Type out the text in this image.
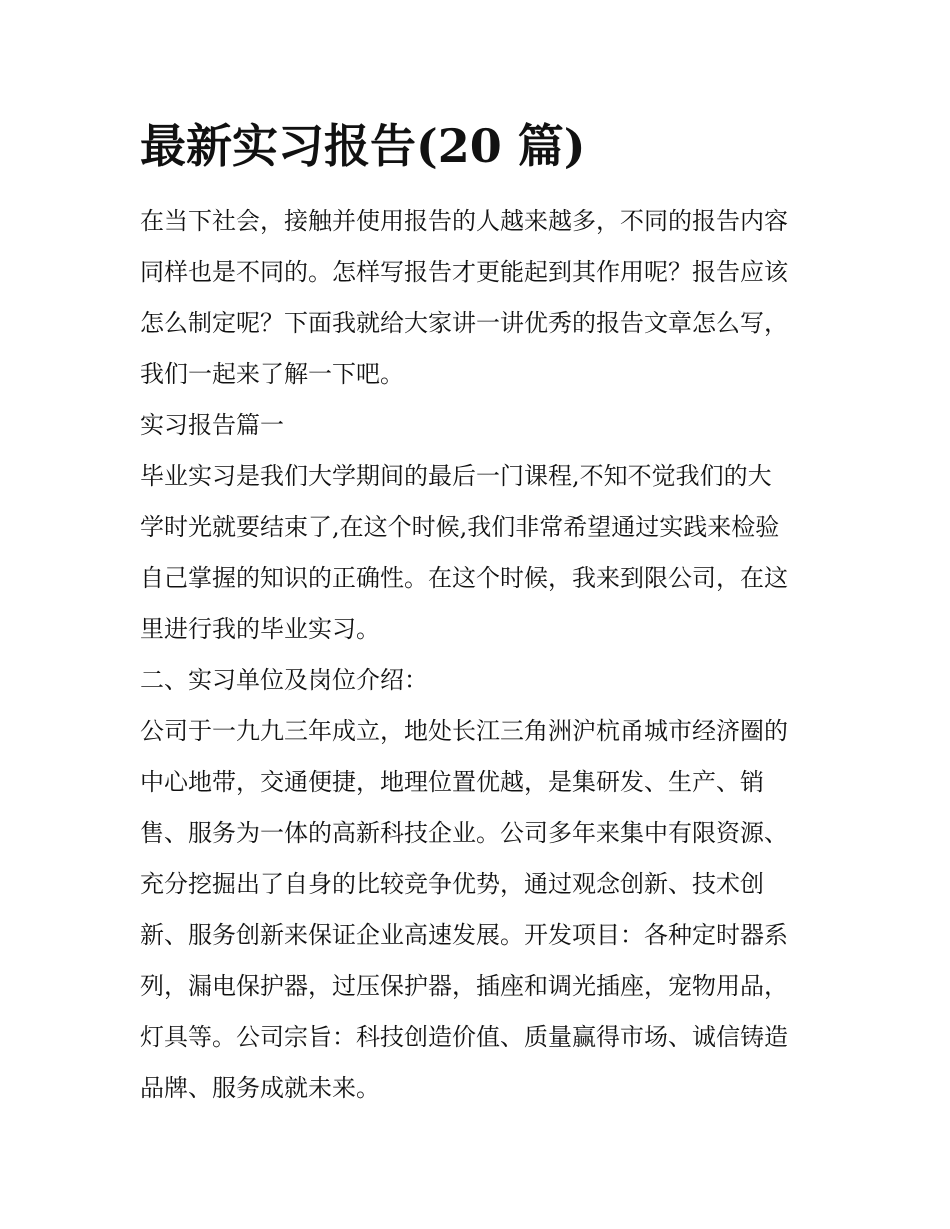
最新实习报告(20 篇)

在当下社会，接触并使用报告的人越来越多，不同的报告内容

同样也是不同的。怎样写报告才更能起到其作用呢？报告应该

怎么制定呢？下面我就给大家讲一讲优秀的报告文章怎么写，

我们一起来了解一下吧。

实习报告篇一

毕业实习是我们大学期间的最后一门课程,不知不觉我们的大

学时光就要结束了,在这个时候,我们非常希望通过实践来检验

自己掌握的知识的正确性。在这个时候，我来到限公司，在这

里进行我的毕业实习。

二、实习单位及岗位介绍：

公司于一九九三年成立，地处长江三角洲沪杭甬城市经济圈的

中心地带，交通便捷，地理位置优越，是集研发、生产、销

售、服务为一体的高新科技企业。公司多年来集中有限资源、

充分挖掘出了自身的比较竞争优势，通过观念创新、技术创

新、服务创新来保证企业高速发展。开发项目：各种定时器系

列，漏电保护器，过压保护器，插座和调光插座，宠物用品，

灯具等。公司宗旨：科技创造价值、质量赢得市场、诚信铸造

品牌、服务成就未来。
